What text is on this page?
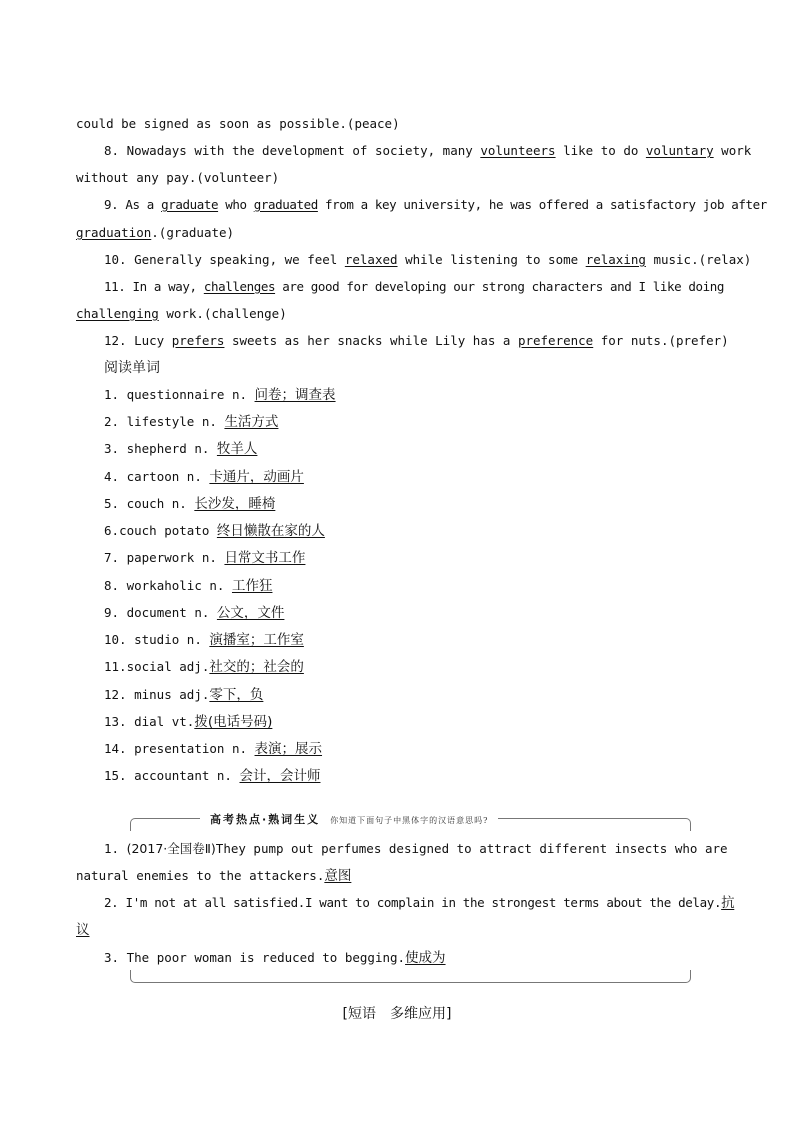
could be signed as soon as possible.(peace)
8. Nowadays with the development of society, many volunteers like to do voluntary work
without any pay.(volunteer)
9. As a graduate who graduated from a key university, he was offered a satisfactory job after
graduation.(graduate)
10. Generally speaking, we feel relaxed while listening to some relaxing music.(relax)
11. In a way, challenges are good for developing our strong characters and I like doing
challenging work.(challenge)
12. Lucy prefers sweets as her snacks while Lily has a preference for nuts.(prefer)
阅读单词
1. questionnaire n. 问卷；调查表
2. lifestyle n. 生活方式
3. shepherd n. 牧羊人
4. cartoon n. 卡通片，动画片
5. couch n. 长沙发，睡椅
6.couch potato 终日懒散在家的人
7. paperwork n. 日常文书工作
8. workaholic n. 工作狂
9. document n. 公文，文件
10. studio n. 演播室；工作室
11.social adj.社交的；社会的
12. minus adj.零下，负
13. dial vt.拨(电话号码)
14. presentation n. 表演；展示
15. accountant n. 会计，会计师
高考热点·熟词生义 你知道下面句子中黑体字的汉语意思吗?
1. (2017·全国卷Ⅱ)They pump out perfumes designed to attract different insects who are
natural enemies to the attackers.意图
2. I'm not at all satisfied.I want to complain in the strongest terms about the delay.抗
议
3. The poor woman is reduced to begging.使成为
[短语　多维应用]
